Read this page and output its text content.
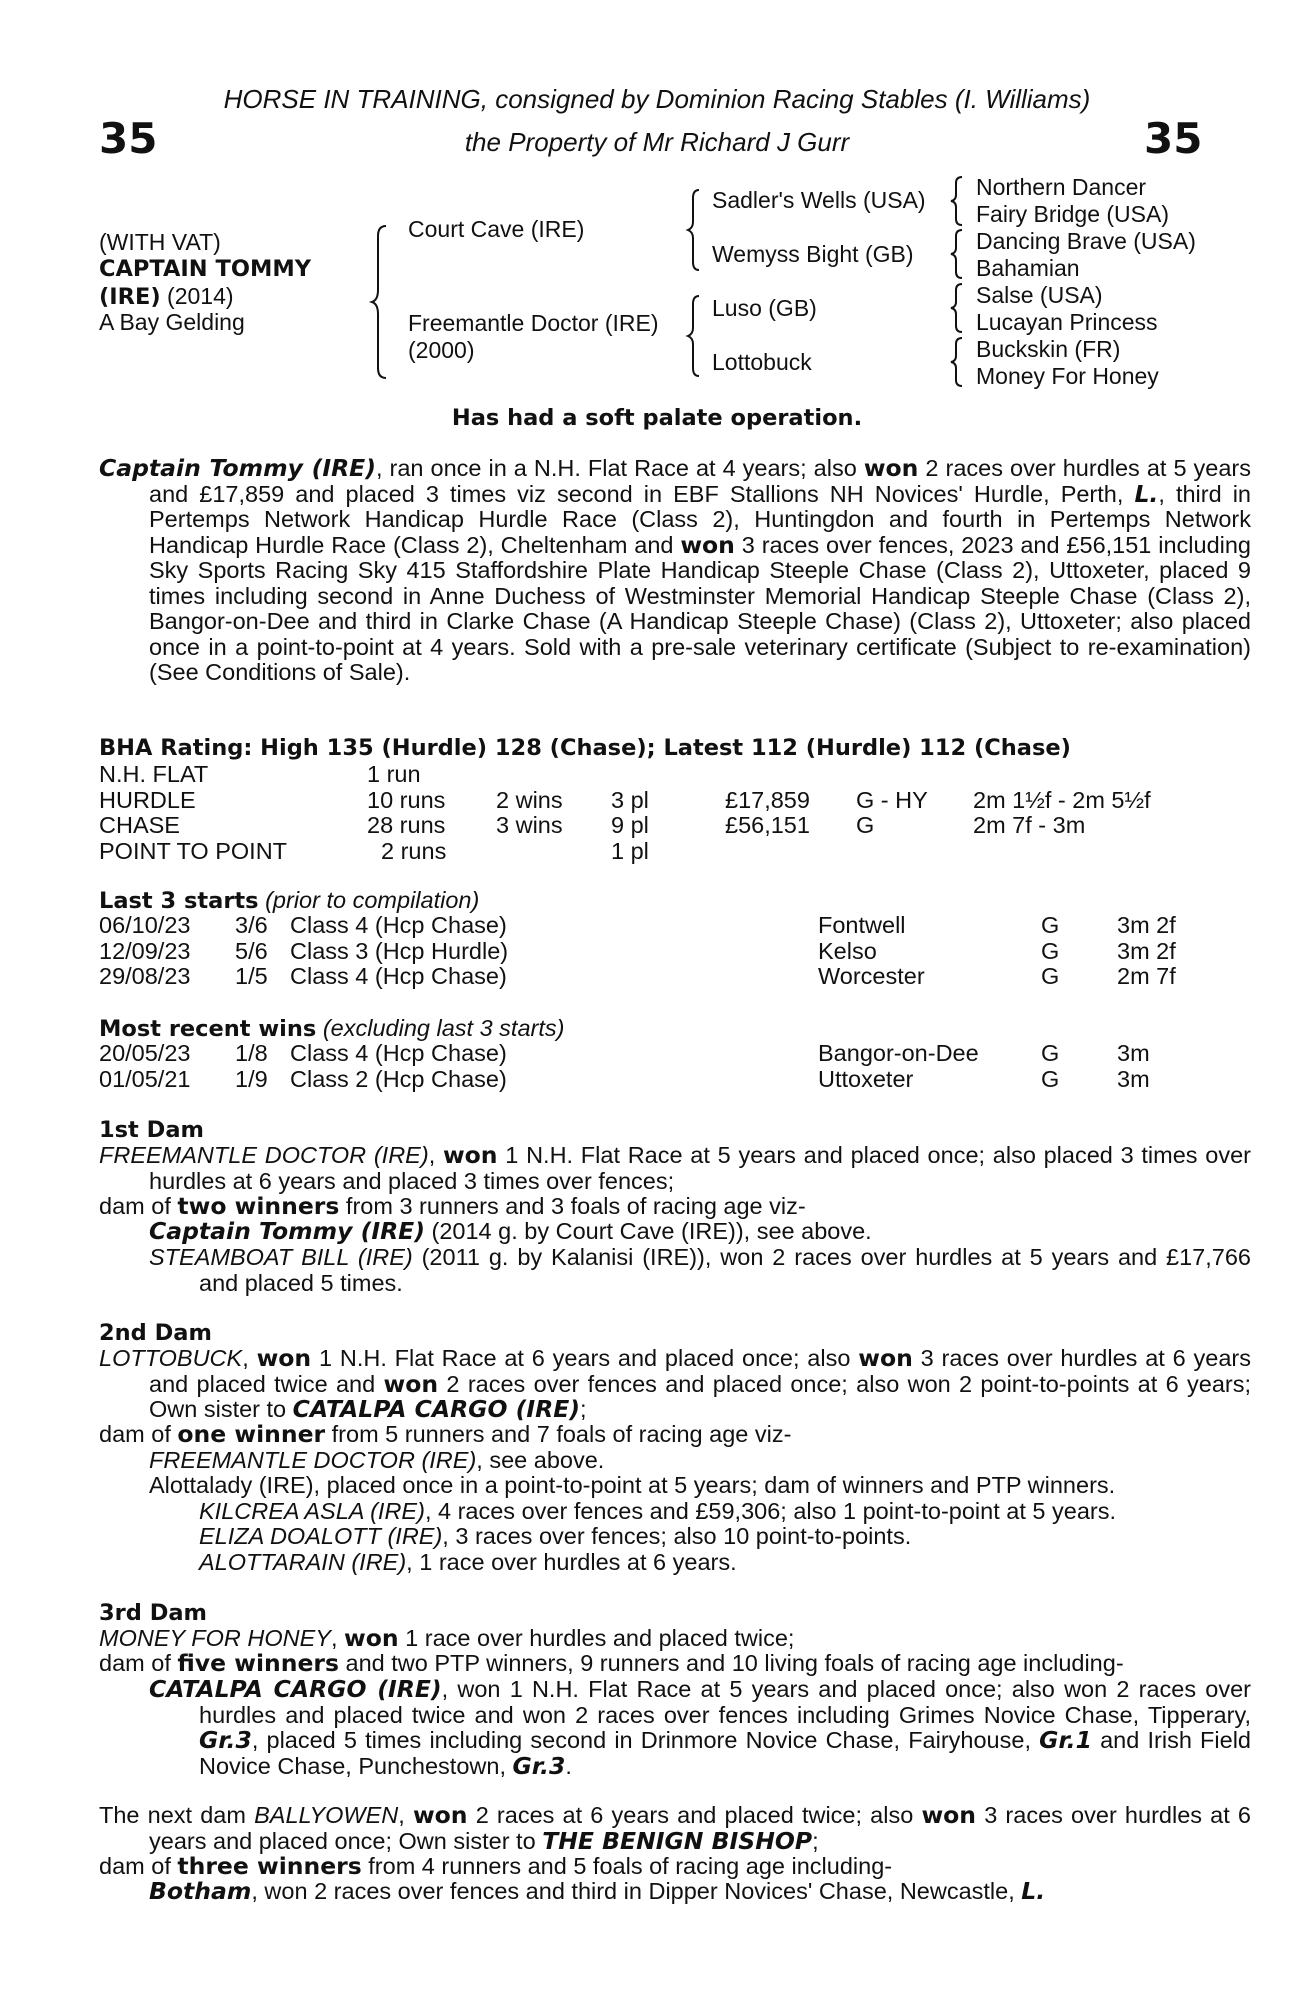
HORSE IN TRAINING, consigned by Dominion Racing Stables (I. Williams)
the Property of Mr Richard J Gurr
35	35
(WITH VAT)
CAPTAIN TOMMY
(IRE) (2014)
A Bay Gelding
Court Cave (IRE)
Freemantle Doctor (IRE)
(2000)
Sadler's Wells (USA)
Wemyss Bight (GB)
Luso (GB)
Lottobuck
Northern Dancer
Fairy Bridge (USA)
Dancing Brave (USA)
Bahamian
Salse (USA)
Lucayan Princess
Buckskin (FR)
Money For Honey
Has had a soft palate operation.
Captain Tommy (IRE), ran once in a N.H. Flat Race at 4 years; also won 2 races over hurdles at 5 years and £17,859 and placed 3 times viz second in EBF Stallions NH Novices' Hurdle, Perth, L., third in Pertemps Network Handicap Hurdle Race (Class 2), Huntingdon and fourth in Pertemps Network Handicap Hurdle Race (Class 2), Cheltenham and won 3 races over fences, 2023 and £56,151 including Sky Sports Racing Sky 415 Staffordshire Plate Handicap Steeple Chase (Class 2), Uttoxeter, placed 9 times including second in Anne Duchess of Westminster Memorial Handicap Steeple Chase (Class 2), Bangor-on-Dee and third in Clarke Chase (A Handicap Steeple Chase) (Class 2), Uttoxeter; also placed once in a point-to-point at 4 years. Sold with a pre-sale veterinary certificate (Subject to re-examination) (See Conditions of Sale).
BHA Rating: High 135 (Hurdle) 128 (Chase); Latest 112 (Hurdle) 112 (Chase)
N.H. FLAT	1 run
HURDLE	10 runs 2 wins 3 pl	£17,859 G - HY 2m 1½f - 2m 5½f
CHASE	28 runs 3 wins 9 pl	£56,151 G	2m 7f - 3m
POINT TO POINT	2 runs	1 pl
Last 3 starts (prior to compilation)
06/10/23 3/6 Class 4 (Hcp Chase)	Fontwell	G 3m 2f
12/09/23 5/6 Class 3 (Hcp Hurdle)	Kelso	G 3m 2f
29/08/23 1/5 Class 4 (Hcp Chase)	Worcester	G 2m 7f
Most recent wins (excluding last 3 starts)
20/05/23 1/8 Class 4 (Hcp Chase)	Bangor-on-Dee	G 3m
01/05/21 1/9 Class 2 (Hcp Chase)	Uttoxeter	G 3m
1st Dam
FREEMANTLE DOCTOR (IRE), won 1 N.H. Flat Race at 5 years and placed once; also placed 3 times over hurdles at 6 years and placed 3 times over fences;
dam of two winners from 3 runners and 3 foals of racing age viz-
Captain Tommy (IRE) (2014 g. by Court Cave (IRE)), see above.
STEAMBOAT BILL (IRE) (2011 g. by Kalanisi (IRE)), won 2 races over hurdles at 5 years and £17,766 and placed 5 times.
2nd Dam
LOTTOBUCK, won 1 N.H. Flat Race at 6 years and placed once; also won 3 races over hurdles at 6 years and placed twice and won 2 races over fences and placed once; also won 2 point-to-points at 6 years; Own sister to CATALPA CARGO (IRE);
dam of one winner from 5 runners and 7 foals of racing age viz-
FREEMANTLE DOCTOR (IRE), see above.
Alottalady (IRE), placed once in a point-to-point at 5 years; dam of winners and PTP winners.
KILCREA ASLA (IRE), 4 races over fences and £59,306; also 1 point-to-point at 5 years.
ELIZA DOALOTT (IRE), 3 races over fences; also 10 point-to-points.
ALOTTARAIN (IRE), 1 race over hurdles at 6 years.
3rd Dam
MONEY FOR HONEY, won 1 race over hurdles and placed twice;
dam of five winners and two PTP winners, 9 runners and 10 living foals of racing age including-
CATALPA CARGO (IRE), won 1 N.H. Flat Race at 5 years and placed once; also won 2 races over hurdles and placed twice and won 2 races over fences including Grimes Novice Chase, Tipperary, Gr.3, placed 5 times including second in Drinmore Novice Chase, Fairyhouse, Gr.1 and Irish Field Novice Chase, Punchestown, Gr.3.
The next dam BALLYOWEN, won 2 races at 6 years and placed twice; also won 3 races over hurdles at 6 years and placed once; Own sister to THE BENIGN BISHOP;
dam of three winners from 4 runners and 5 foals of racing age including-
Botham, won 2 races over fences and third in Dipper Novices' Chase, Newcastle, L.
